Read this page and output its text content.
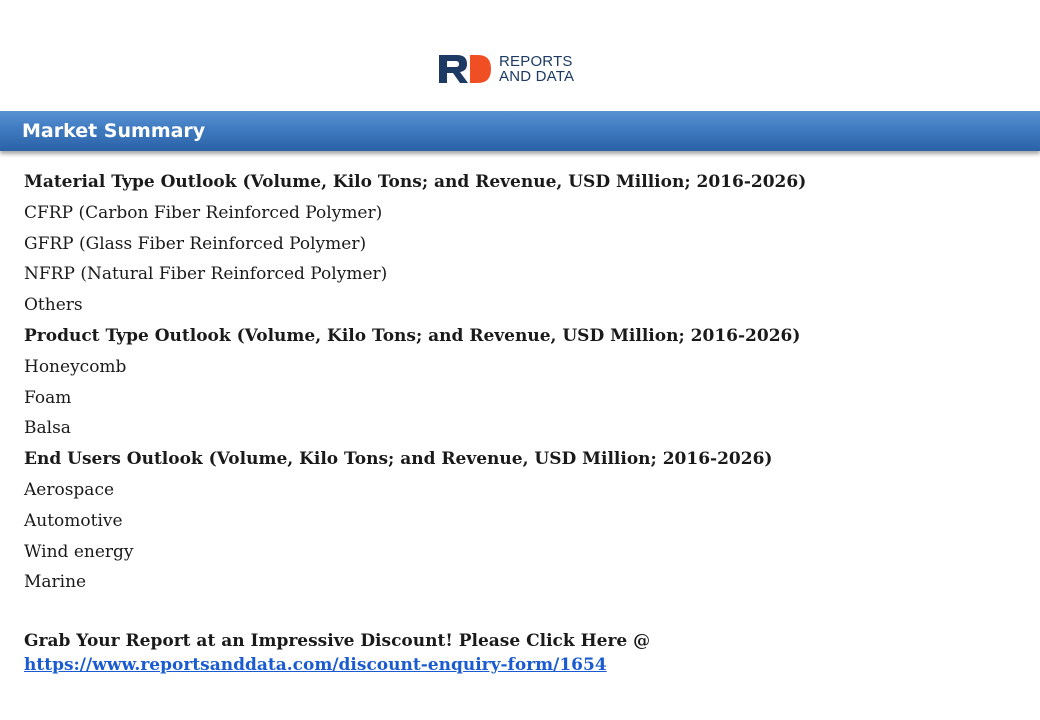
REPORTS
AND DATA
Market Summary
Material Type Outlook (Volume, Kilo Tons; and Revenue, USD Million; 2016-2026)
CFRP (Carbon Fiber Reinforced Polymer)
GFRP (Glass Fiber Reinforced Polymer)
NFRP (Natural Fiber Reinforced Polymer)
Others
Product Type Outlook (Volume, Kilo Tons; and Revenue, USD Million; 2016-2026)
Honeycomb
Foam
Balsa
End Users Outlook (Volume, Kilo Tons; and Revenue, USD Million; 2016-2026)
Aerospace
Automotive
Wind energy
Marine
Grab Your Report at an Impressive Discount! Please Click Here @
https://www.reportsanddata.com/discount-enquiry-form/1654
